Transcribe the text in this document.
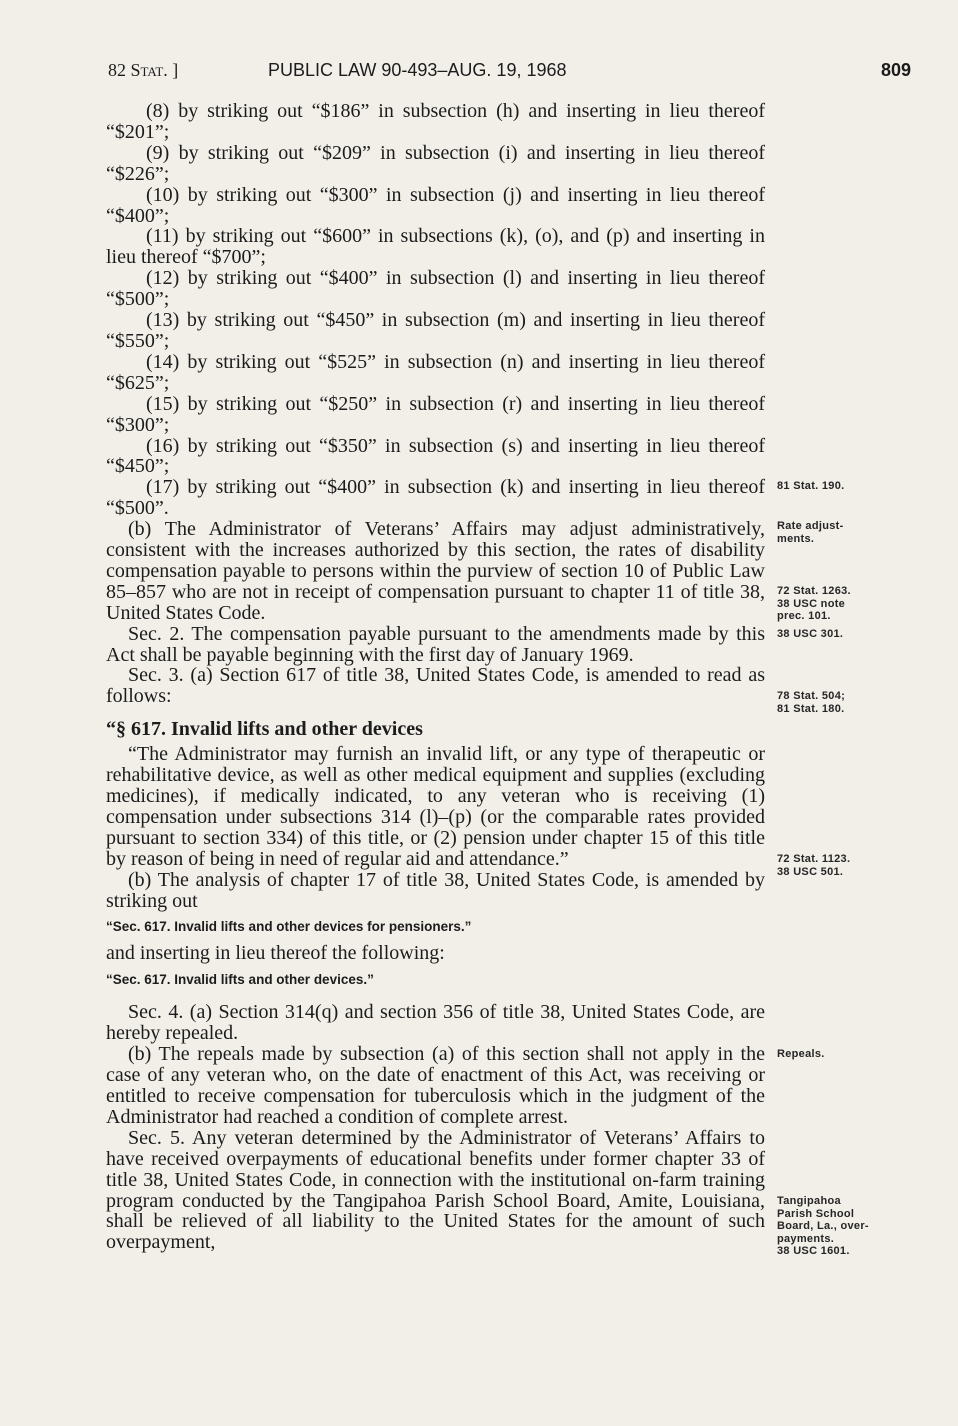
82 Stat. ]	PUBLIC LAW 90-493–AUG. 19, 1968	809

(8) by striking out “$186” in subsection (h) and inserting in lieu thereof “$201”;

(9) by striking out “$209” in subsection (i) and inserting in lieu thereof “$226”;

(10) by striking out “$300” in subsection (j) and inserting in lieu thereof “$400”;

(11) by striking out “$600” in subsections (k), (o), and (p) and inserting in lieu thereof “$700”;

(12) by striking out “$400” in subsection (l) and inserting in lieu thereof “$500”;

(13) by striking out “$450” in subsection (m) and inserting in lieu thereof “$550”;

(14) by striking out “$525” in subsection (n) and inserting in lieu thereof “$625”;

(15) by striking out “$250” in subsection (r) and inserting in lieu thereof “$300”;

(16) by striking out “$350” in subsection (s) and inserting in lieu thereof “$450”;

(17) by striking out “$400” in subsection (k) and inserting in lieu thereof “$500”.

(b) The Administrator of Veterans’ Affairs may adjust administratively, consistent with the increases authorized by this section, the rates of disability compensation payable to persons within the purview of section 10 of Public Law 85–857 who are not in receipt of compensation pursuant to chapter 11 of title 38, United States Code.

Sec. 2. The compensation payable pursuant to the amendments made by this Act shall be payable beginning with the first day of January 1969.

Sec. 3. (a) Section 617 of title 38, United States Code, is amended to read as follows:

“§ 617. Invalid lifts and other devices

“The Administrator may furnish an invalid lift, or any type of therapeutic or rehabilitative device, as well as other medical equipment and supplies (excluding medicines), if medically indicated, to any veteran who is receiving (1) compensation under subsections 314 (l)–(p) (or the comparable rates provided pursuant to section 334) of this title, or (2) pension under chapter 15 of this title by reason of being in need of regular aid and attendance.”

(b) The analysis of chapter 17 of title 38, United States Code, is amended by striking out

“Sec. 617. Invalid lifts and other devices for pensioners.”

and inserting in lieu thereof the following:

“Sec. 617. Invalid lifts and other devices.”

Sec. 4. (a) Section 314(q) and section 356 of title 38, United States Code, are hereby repealed.

(b) The repeals made by subsection (a) of this section shall not apply in the case of any veteran who, on the date of enactment of this Act, was receiving or entitled to receive compensation for tuberculosis which in the judgment of the Administrator had reached a condition of complete arrest.

Sec. 5. Any veteran determined by the Administrator of Veterans’ Affairs to have received overpayments of educational benefits under former chapter 33 of title 38, United States Code, in connection with the institutional on-farm training program conducted by the Tangipahoa Parish School Board, Amite, Louisiana, shall be relieved of all liability to the United States for the amount of such overpayment,

81 Stat. 190.
Rate adjust-
ments.
72 Stat. 1263.
38 USC note
prec. 101.
38 USC 301.
78 Stat. 504;
81 Stat. 180.
72 Stat. 1123.
38 USC 501.
Repeals.
Tangipahoa
Parish School
Board, La., over-
payments.
38 USC 1601.
